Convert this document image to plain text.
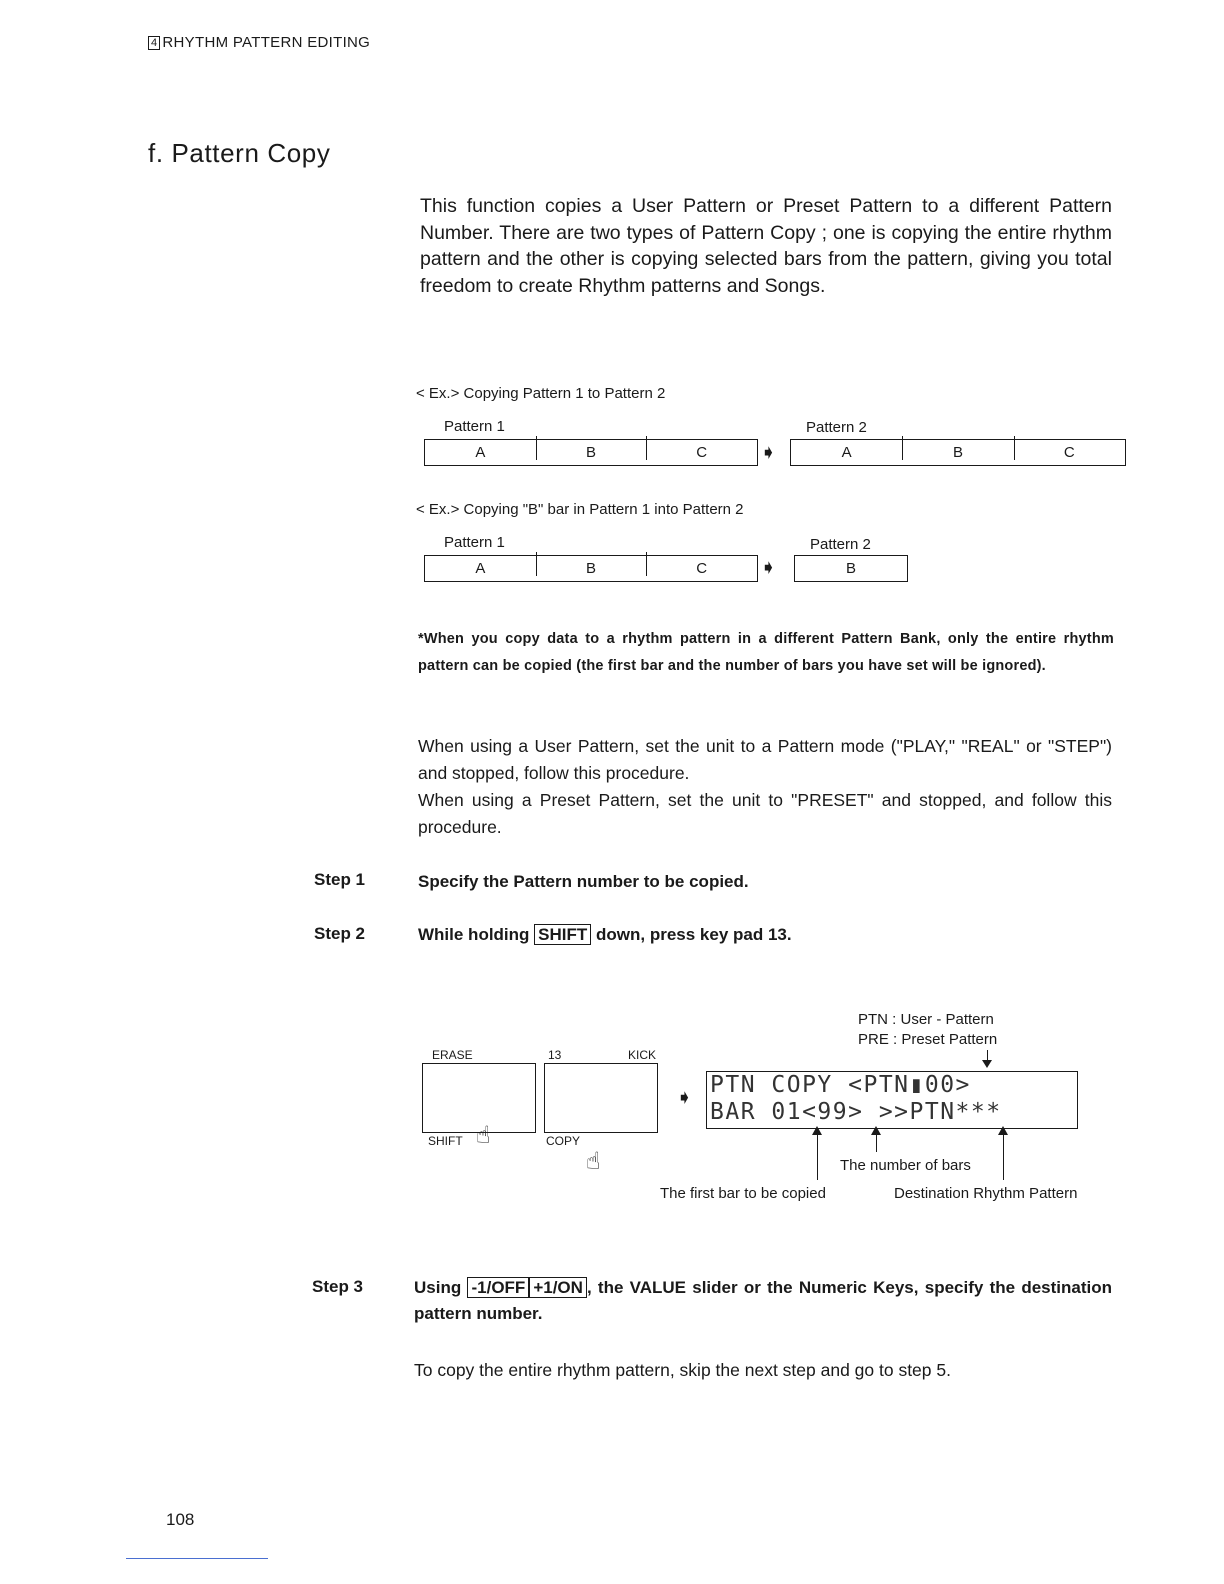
4 RHYTHM PATTERN EDITING
f. Pattern Copy
This function copies a User Pattern or Preset Pattern to a different Pattern Number. There are two types of Pattern Copy ; one is copying the entire rhythm pattern and the other is copying selected bars from the pattern, giving you total freedom to create Rhythm patterns and Songs.
< Ex.> Copying Pattern 1 to Pattern 2
Pattern 1	Pattern 2
A	B	C	➧	A	B	C
< Ex.> Copying "B" bar in Pattern 1 into Pattern 2
Pattern 1	Pattern 2
A	B	C	➧	B
*When you copy data to a rhythm pattern in a different Pattern Bank, only the entire rhythm pattern can be copied (the first bar and the number of bars you have set will be ignored).
When using a User Pattern, set the unit to a Pattern mode ("PLAY," "REAL" or "STEP") and stopped, follow this procedure.
When using a Preset Pattern, set the unit to "PRESET" and stopped, and follow this procedure.
Step 1	Specify the Pattern number to be copied.
Step 2	While holding SHIFT down, press key pad 13.
ERASE
SHIFT ☝
13	KICK
COPY
☝
➧
PTN : User - Pattern
PRE : Preset Pattern
PTN COPY <PTN▮00>
BAR 01<99> >>PTN***
The number of bars
The first bar to be copied	Destination Rhythm Pattern
Step 3	Using -1/OFF +1/ON , the VALUE slider or the Numeric Keys, specify the destination pattern number.
To copy the entire rhythm pattern, skip the next step and go to step 5.
108
